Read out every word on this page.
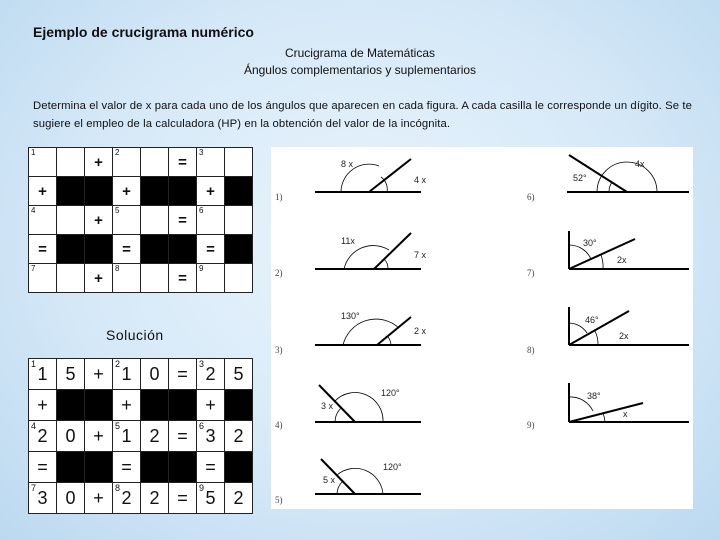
Ejemplo de crucigrama numérico
Crucigrama de Matemáticas
Ángulos complementarios y suplementarios
Determina el valor de x para cada uno de los ángulos que aparecen en cada figura. A cada casilla le corresponde un dígito. Se te sugiere el empleo de la calculadora (HP) en la obtención del valor de la incógnita.
1		+	2		=	3	

+			+			+	

4		+	5		=	6	

=			=			=	

7		+	8		=	9	

Solución
1 1	5	+	2 1	0	=	3 2	5
+			+			+	

4 2	0	+	5 1	2	=	6 3	2
=			=			=	

7 3	0	+	8 2	2	=	9 5	2
1)
8 x
4 x
2)
11x
7 x
3)
130°
2 x
4)
120°
3 x
5)
120°
5 x
6)
4x
52°
7)
30°
2x
8)
46°
2x
9)
38°
x
